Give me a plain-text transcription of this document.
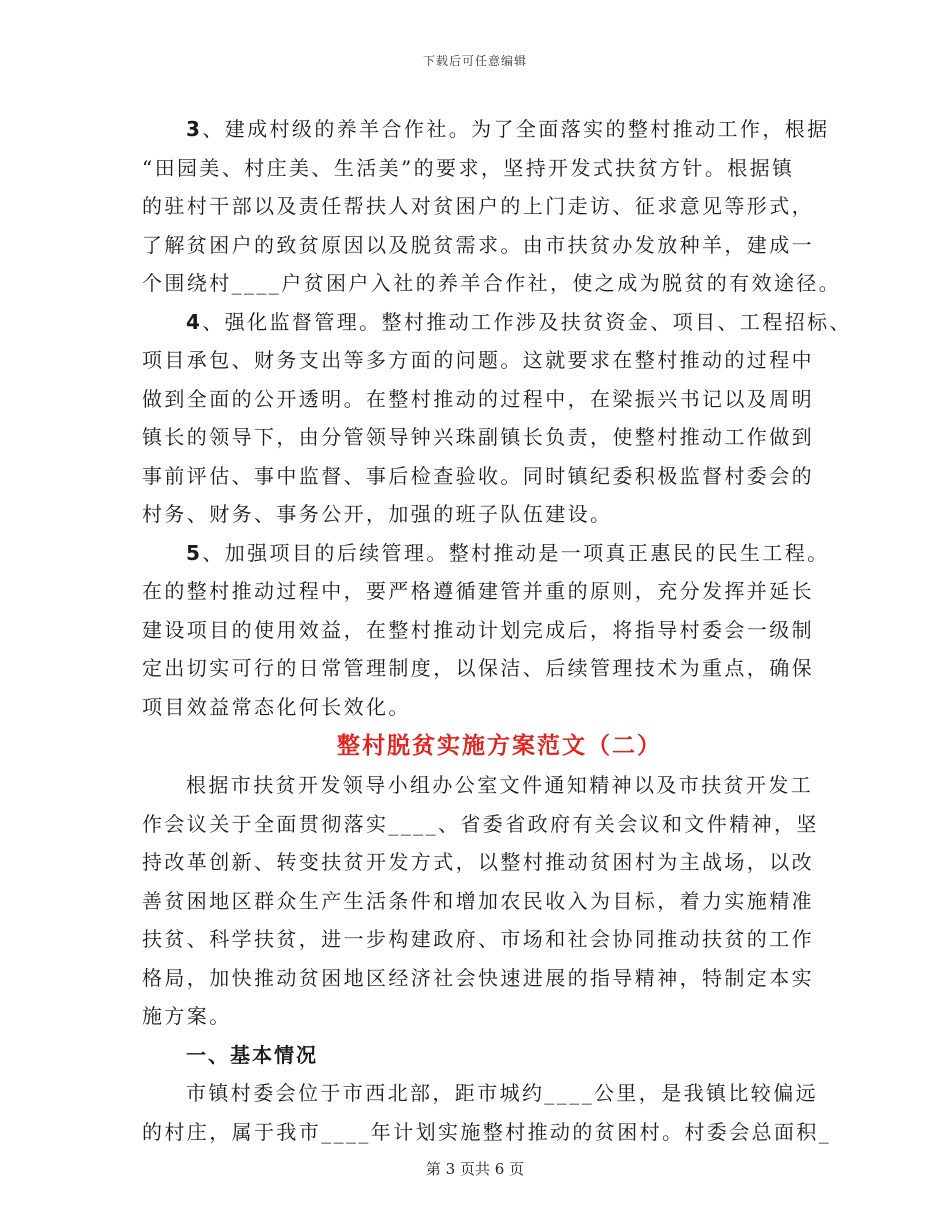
下载后可任意编辑
3、建成村级的养羊合作社。为了全面落实的整村推动工作，根据
“田园美、村庄美、生活美”的要求，坚持开发式扶贫方针。根据镇
的驻村干部以及责任帮扶人对贫困户的上门走访、征求意见等形式，
了解贫困户的致贫原因以及脱贫需求。由市扶贫办发放种羊，建成一
个围绕村____户贫困户入社的养羊合作社，使之成为脱贫的有效途径。
4、强化监督管理。整村推动工作涉及扶贫资金、项目、工程招标、
项目承包、财务支出等多方面的问题。这就要求在整村推动的过程中
做到全面的公开透明。在整村推动的过程中，在梁振兴书记以及周明
镇长的领导下，由分管领导钟兴珠副镇长负责，使整村推动工作做到
事前评估、事中监督、事后检查验收。同时镇纪委积极监督村委会的
村务、财务、事务公开，加强的班子队伍建设。
5、加强项目的后续管理。整村推动是一项真正惠民的民生工程。
在的整村推动过程中，要严格遵循建管并重的原则，充分发挥并延长
建设项目的使用效益，在整村推动计划完成后，将指导村委会一级制
定出切实可行的日常管理制度，以保洁、后续管理技术为重点，确保
项目效益常态化何长效化。
整村脱贫实施方案范文（二）
根据市扶贫开发领导小组办公室文件通知精神以及市扶贫开发工
作会议关于全面贯彻落实____、省委省政府有关会议和文件精神，坚
持改革创新、转变扶贫开发方式，以整村推动贫困村为主战场，以改
善贫困地区群众生产生活条件和增加农民收入为目标，着力实施精准
扶贫、科学扶贫，进一步构建政府、市场和社会协同推动扶贫的工作
格局，加快推动贫困地区经济社会快速进展的指导精神，特制定本实
施方案。
一、基本情况
市镇村委会位于市西北部，距市城约____公里，是我镇比较偏远
的村庄，属于我市____年计划实施整村推动的贫困村。村委会总面积_
第 3 页共 6 页
